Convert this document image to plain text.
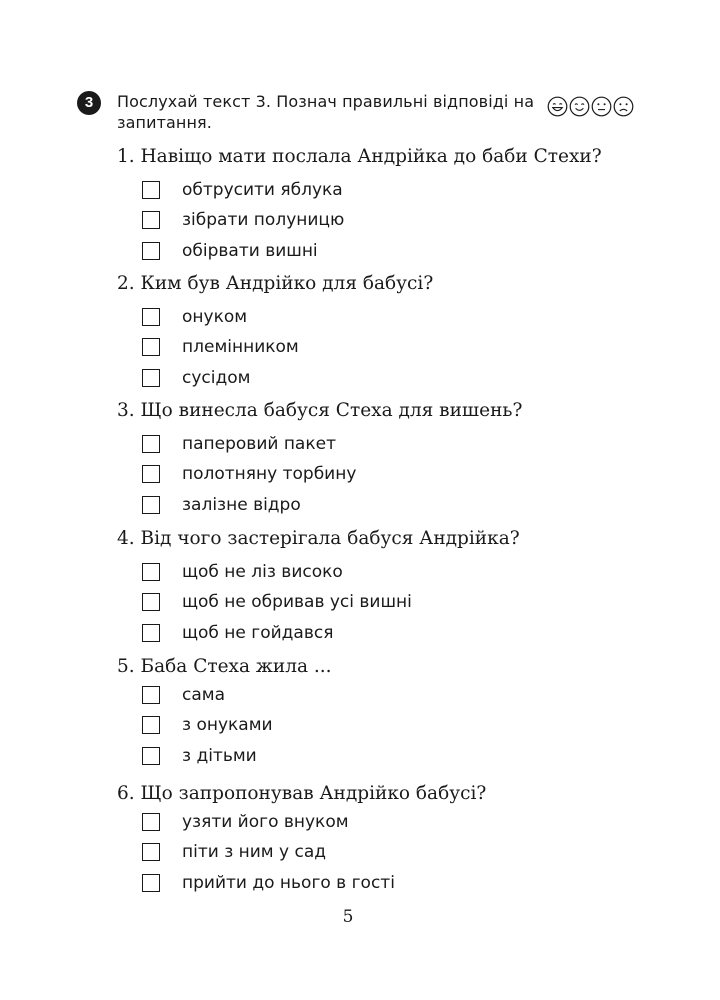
3	Послухай текст 3. Познач правильні відповіді на запитання.
1. Навіщо мати послала Андрійка до баби Стехи?
обтрусити яблука
зібрати полуницю
обірвати вишні
2. Ким був Андрійко для бабусі?
онуком
племінником
сусідом
3. Що винесла бабуся Стеха для вишень?
паперовий пакет
полотняну торбину
залізне відро
4. Від чого застерігала бабуся Андрійка?
щоб не ліз високо
щоб не обривав усі вишні
щоб не гойдався
5. Баба Стеха жила ...
сама
з онуками
з дітьми
6. Що запропонував Андрійко бабусі?
узяти його внуком
піти з ним у сад
прийти до нього в гості
5
